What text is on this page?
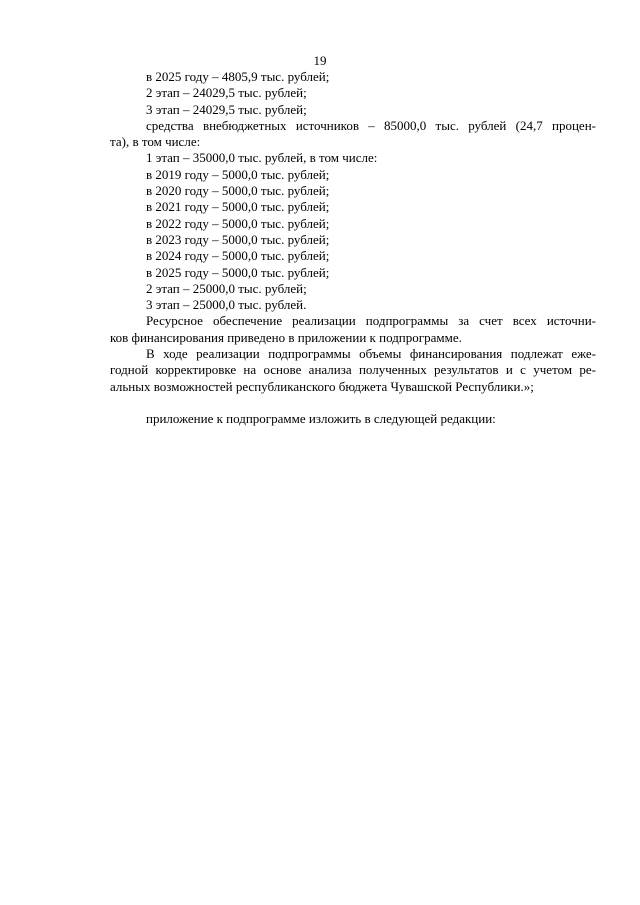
19
в 2025 году – 4805,9 тыс. рублей;
2 этап – 24029,5 тыс. рублей;
3 этап – 24029,5 тыс. рублей;
средства внебюджетных источников – 85000,0 тыс. рублей (24,7 процен-
та), в том числе:
1 этап – 35000,0 тыс. рублей, в том числе:
в 2019 году – 5000,0 тыс. рублей;
в 2020 году – 5000,0 тыс. рублей;
в 2021 году – 5000,0 тыс. рублей;
в 2022 году – 5000,0 тыс. рублей;
в 2023 году – 5000,0 тыс. рублей;
в 2024 году – 5000,0 тыс. рублей;
в 2025 году – 5000,0 тыс. рублей;
2 этап – 25000,0 тыс. рублей;
3 этап – 25000,0 тыс. рублей.
Ресурсное обеспечение реализации подпрограммы за счет всех источни-
ков финансирования приведено в приложении к подпрограмме.
В ходе реализации подпрограммы объемы финансирования подлежат еже-
годной корректировке на основе анализа полученных результатов и с учетом ре-
альных возможностей республиканского бюджета Чувашской Республики.»;
приложение к подпрограмме изложить в следующей редакции:
